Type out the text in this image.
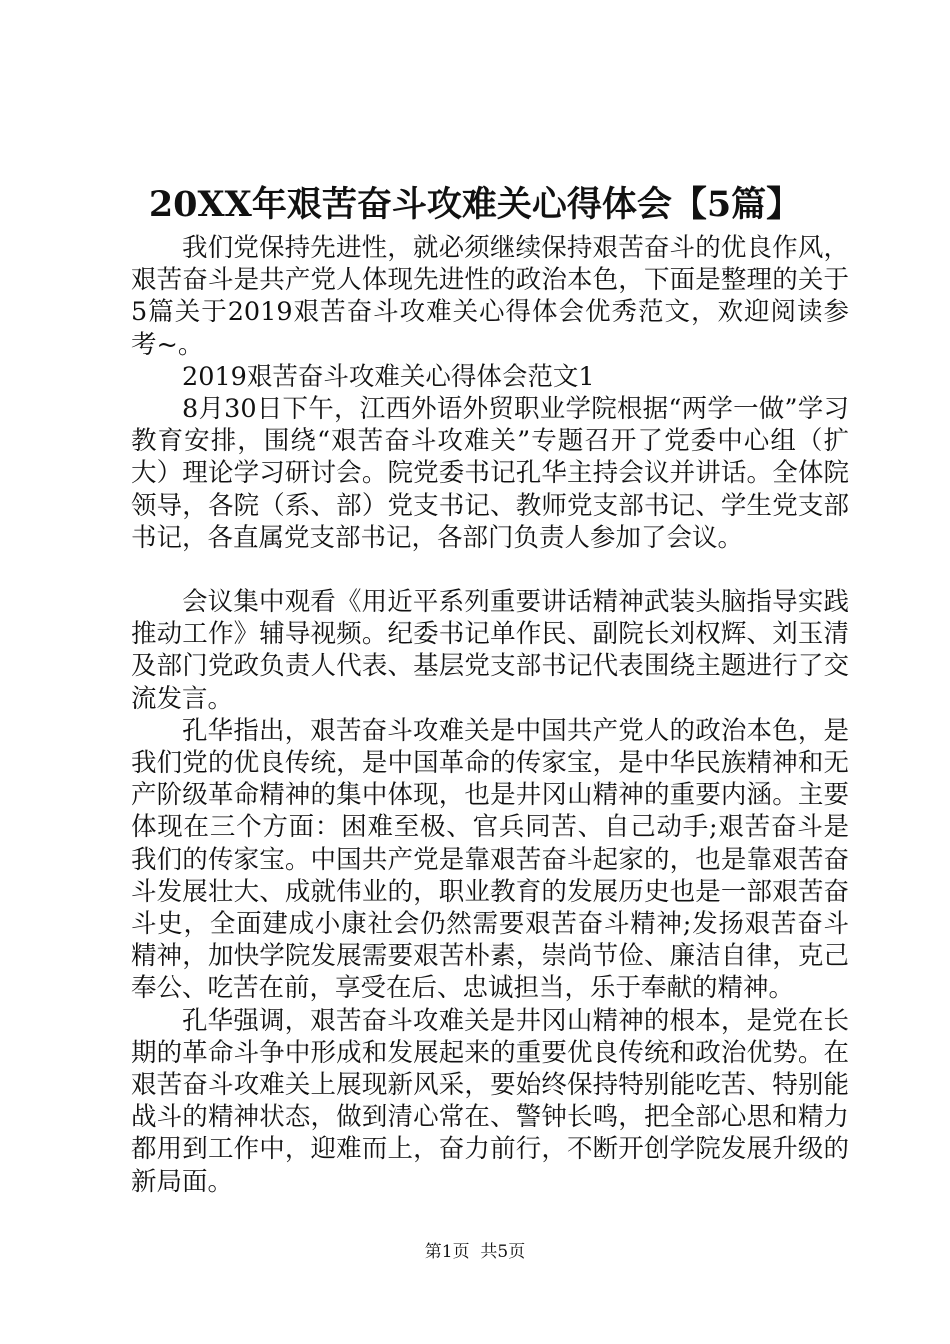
20XX年艰苦奋斗攻难关心得体会【5篇】

我们党保持先进性，就必须继续保持艰苦奋斗的优良作风，艰苦奋斗是共产党人体现先进性的政治本色，下面是整理的关于5篇关于2019艰苦奋斗攻难关心得体会优秀范文，欢迎阅读参考~。

2019艰苦奋斗攻难关心得体会范文1

8月30日下午，江西外语外贸职业学院根据“两学一做”学习教育安排，围绕“艰苦奋斗攻难关”专题召开了党委中心组（扩大）理论学习研讨会。院党委书记孔华主持会议并讲话。全体院领导，各院（系、部）党支书记、教师党支部书记、学生党支部书记，各直属党支部书记，各部门负责人参加了会议。

会议集中观看《用近平系列重要讲话精神武装头脑指导实践推动工作》辅导视频。纪委书记单作民、副院长刘权辉、刘玉清及部门党政负责人代表、基层党支部书记代表围绕主题进行了交流发言。

孔华指出，艰苦奋斗攻难关是中国共产党人的政治本色，是我们党的优良传统，是中国革命的传家宝，是中华民族精神和无产阶级革命精神的集中体现，也是井冈山精神的重要内涵。主要体现在三个方面：困难至极、官兵同苦、自己动手;艰苦奋斗是我们的传家宝。中国共产党是靠艰苦奋斗起家的，也是靠艰苦奋斗发展壮大、成就伟业的，职业教育的发展历史也是一部艰苦奋斗史，全面建成小康社会仍然需要艰苦奋斗精神;发扬艰苦奋斗精神，加快学院发展需要艰苦朴素，崇尚节俭、廉洁自律，克己奉公、吃苦在前，享受在后、忠诚担当，乐于奉献的精神。

孔华强调，艰苦奋斗攻难关是井冈山精神的根本，是党在长期的革命斗争中形成和发展起来的重要优良传统和政治优势。在艰苦奋斗攻难关上展现新风采，要始终保持特别能吃苦、特别能战斗的精神状态，做到清心常在、警钟长鸣，把全部心思和精力都用到工作中，迎难而上，奋力前行，不断开创学院发展升级的新局面。

第1页  共5页
